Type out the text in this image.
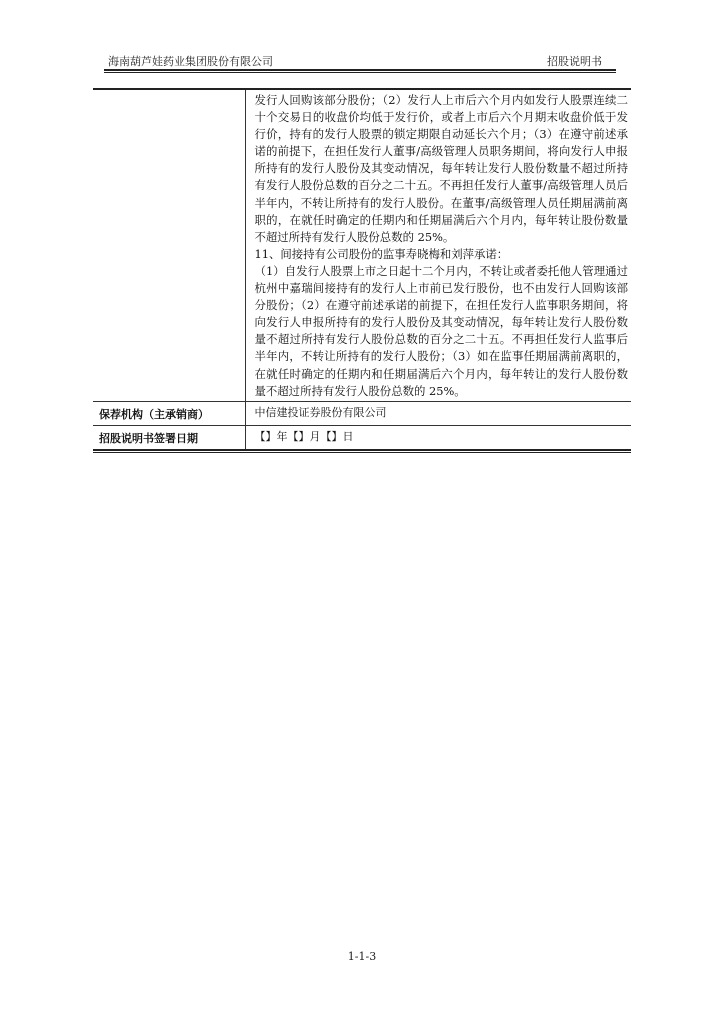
海南葫芦娃药业集团股份有限公司	招股说明书

	发行人回购该部分股份；（2）发行人上市后六个月内如发行人股票连续二十个交易日的收盘价均低于发行价，或者上市后六个月期末收盘价低于发行价，持有的发行人股票的锁定期限自动延长六个月；（3）在遵守前述承诺的前提下，在担任发行人董事/高级管理人员职务期间，将向发行人申报所持有的发行人股份及其变动情况，每年转让发行人股份数量不超过所持有发行人股份总数的百分之二十五。不再担任发行人董事/高级管理人员后半年内，不转让所持有的发行人股份。在董事/高级管理人员任期届满前离职的，在就任时确定的任期内和任期届满后六个月内，每年转让股份数量不超过所持有发行人股份总数的 25%。

11、间接持有公司股份的监事寿晓梅和刘萍承诺：

（1）自发行人股票上市之日起十二个月内，不转让或者委托他人管理通过杭州中嘉瑞间接持有的发行人上市前已发行股份，也不由发行人回购该部分股份；（2）在遵守前述承诺的前提下，在担任发行人监事职务期间，将向发行人申报所持有的发行人股份及其变动情况，每年转让发行人股份数量不超过所持有发行人股份总数的百分之二十五。不再担任发行人监事后半年内，不转让所持有的发行人股份；（3）如在监事任期届满前离职的，在就任时确定的任期内和任期届满后六个月内，每年转让的发行人股份数量不超过所持有发行人股份总数的 25%。

保荐机构（主承销商）	中信建投证券股份有限公司
招股说明书签署日期	【】年【】月【】日
1-1-3
